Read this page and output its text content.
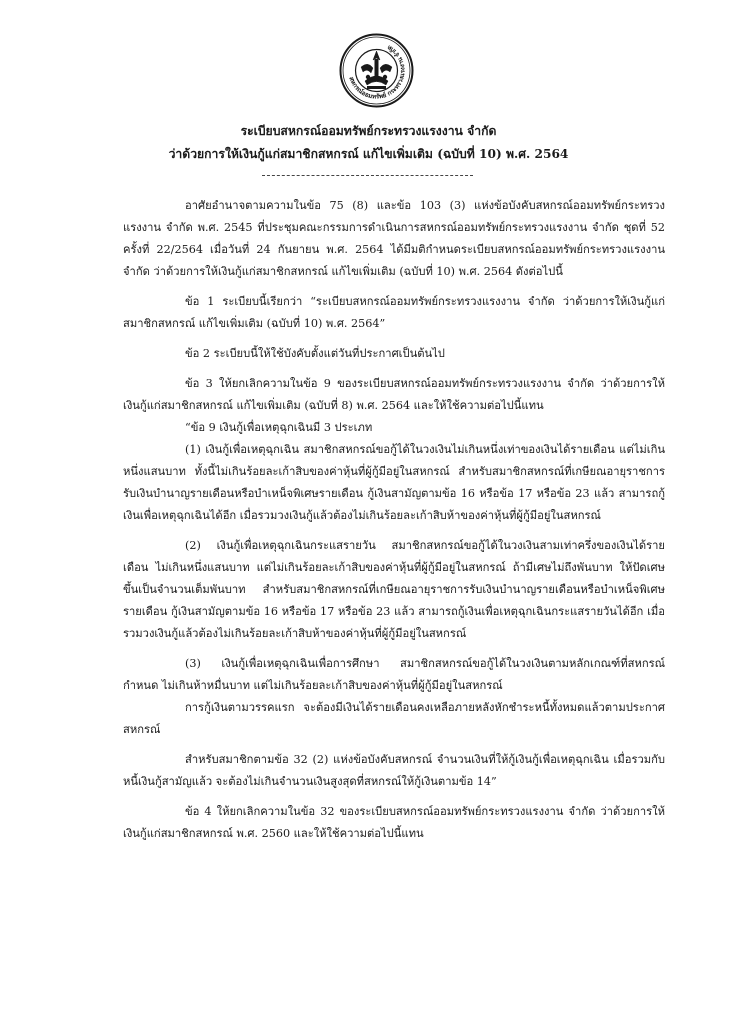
สหกรณ์ออมทรัพย์ กระทรวงแรงงาน จำกัด
ระเบียบสหกรณ์ออมทรัพย์กระทรวงแรงงาน จำกัด
ว่าด้วยการให้เงินกู้แก่สมาชิกสหกรณ์ แก้ไขเพิ่มเติม (ฉบับที่ 10) พ.ศ. 2564

อาศัยอำนาจตามความในข้อ 75 (8) และข้อ 103 (3) แห่งข้อบังคับสหกรณ์ออมทรัพย์กระทรวงแรงงาน จำกัด พ.ศ. 2545 ที่ประชุมคณะกรรมการดำเนินการสหกรณ์ออมทรัพย์กระทรวงแรงงาน จำกัด ชุดที่ 52 ครั้งที่ 22/2564 เมื่อวันที่ 24 กันยายน พ.ศ. 2564 ได้มีมติกำหนดระเบียบสหกรณ์ออมทรัพย์กระทรวงแรงงาน จำกัด ว่าด้วยการให้เงินกู้แก่สมาชิกสหกรณ์ แก้ไขเพิ่มเติม (ฉบับที่ 10) พ.ศ. 2564 ดังต่อไปนี้

ข้อ 1 ระเบียบนี้เรียกว่า “ระเบียบสหกรณ์ออมทรัพย์กระทรวงแรงงาน จำกัด ว่าด้วยการให้เงินกู้แก่สมาชิกสหกรณ์ แก้ไขเพิ่มเติม (ฉบับที่ 10) พ.ศ. 2564”

ข้อ 2 ระเบียบนี้ให้ใช้บังคับตั้งแต่วันที่ประกาศเป็นต้นไป

ข้อ 3 ให้ยกเลิกความในข้อ 9 ของระเบียบสหกรณ์ออมทรัพย์กระทรวงแรงงาน จำกัด ว่าด้วยการให้เงินกู้แก่สมาชิกสหกรณ์ แก้ไขเพิ่มเติม (ฉบับที่ 8) พ.ศ. 2564 และให้ใช้ความต่อไปนี้แทน

“ข้อ 9 เงินกู้เพื่อเหตุฉุกเฉินมี 3 ประเภท

(1) เงินกู้เพื่อเหตุฉุกเฉิน สมาชิกสหกรณ์ขอกู้ได้ในวงเงินไม่เกินหนึ่งเท่าของเงินได้รายเดือน แต่ไม่เกินหนึ่งแสนบาท ทั้งนี้ไม่เกินร้อยละเก้าสิบของค่าหุ้นที่ผู้กู้มีอยู่ในสหกรณ์ สำหรับสมาชิกสหกรณ์ที่เกษียณอายุราชการรับเงินบำนาญรายเดือนหรือบำเหน็จพิเศษรายเดือน กู้เงินสามัญตามข้อ 16 หรือข้อ 17 หรือข้อ 23 แล้ว สามารถกู้เงินเพื่อเหตุฉุกเฉินได้อีก เมื่อรวมวงเงินกู้แล้วต้องไม่เกินร้อยละเก้าสิบห้าของค่าหุ้นที่ผู้กู้มีอยู่ในสหกรณ์

(2) เงินกู้เพื่อเหตุฉุกเฉินกระแสรายวัน สมาชิกสหกรณ์ขอกู้ได้ในวงเงินสามเท่าครึ่งของเงินได้รายเดือน ไม่เกินหนึ่งแสนบาท แต่ไม่เกินร้อยละเก้าสิบของค่าหุ้นที่ผู้กู้มีอยู่ในสหกรณ์ ถ้ามีเศษไม่ถึงพันบาท ให้ปัดเศษขึ้นเป็นจำนวนเต็มพันบาท สำหรับสมาชิกสหกรณ์ที่เกษียณอายุราชการรับเงินบำนาญรายเดือนหรือบำเหน็จพิเศษรายเดือน กู้เงินสามัญตามข้อ 16 หรือข้อ 17 หรือข้อ 23 แล้ว สามารถกู้เงินเพื่อเหตุฉุกเฉินกระแสรายวันได้อีก เมื่อรวมวงเงินกู้แล้วต้องไม่เกินร้อยละเก้าสิบห้าของค่าหุ้นที่ผู้กู้มีอยู่ในสหกรณ์

(3) เงินกู้เพื่อเหตุฉุกเฉินเพื่อการศึกษา สมาชิกสหกรณ์ขอกู้ได้ในวงเงินตามหลักเกณฑ์ที่สหกรณ์กำหนด ไม่เกินห้าหมื่นบาท แต่ไม่เกินร้อยละเก้าสิบของค่าหุ้นที่ผู้กู้มีอยู่ในสหกรณ์

การกู้เงินตามวรรคแรก จะต้องมีเงินได้รายเดือนคงเหลือภายหลังหักชำระหนี้ทั้งหมดแล้วตามประกาศสหกรณ์

สำหรับสมาชิกตามข้อ 32 (2) แห่งข้อบังคับสหกรณ์ จำนวนเงินที่ให้กู้เงินกู้เพื่อเหตุฉุกเฉิน เมื่อรวมกับหนี้เงินกู้สามัญแล้ว จะต้องไม่เกินจำนวนเงินสูงสุดที่สหกรณ์ให้กู้เงินตามข้อ 14”

ข้อ 4 ให้ยกเลิกความในข้อ 32 ของระเบียบสหกรณ์ออมทรัพย์กระทรวงแรงงาน จำกัด ว่าด้วยการให้เงินกู้แก่สมาชิกสหกรณ์ พ.ศ. 2560 และให้ใช้ความต่อไปนี้แทน
